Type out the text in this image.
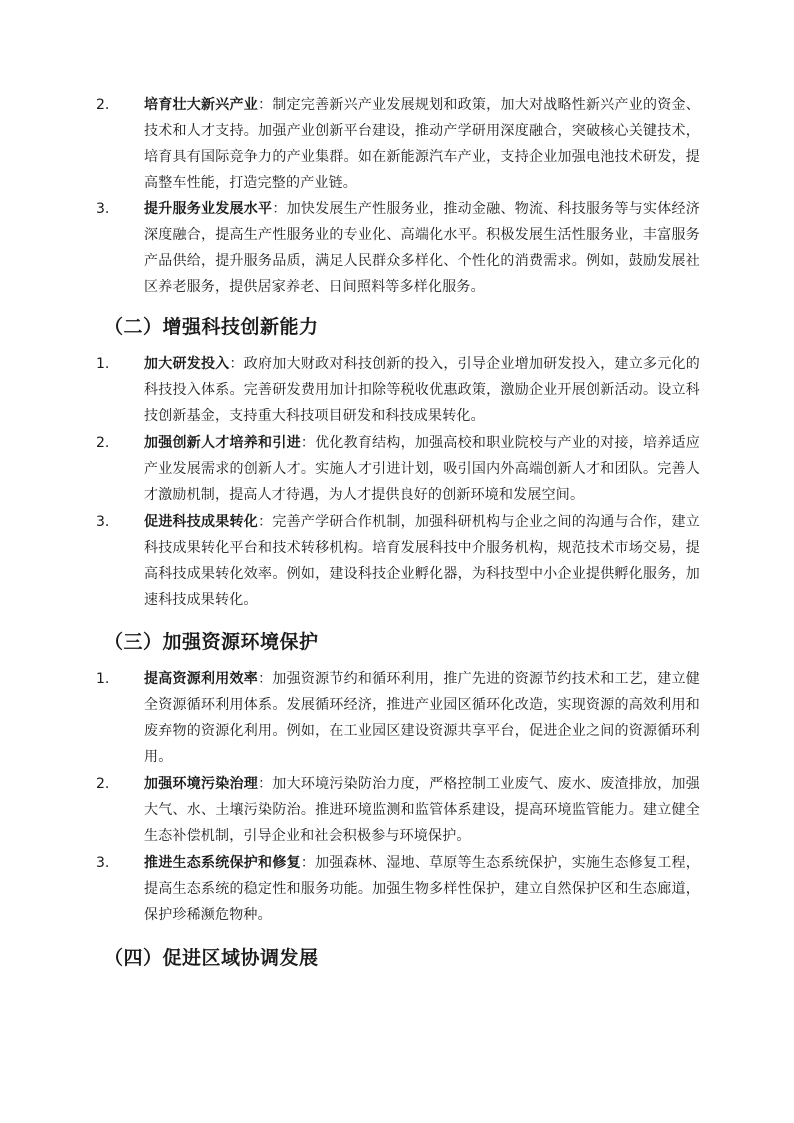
2. 培育壮大新兴产业：制定完善新兴产业发展规划和政策，加大对战略性新兴产业的资金、技术和人才支持。加强产业创新平台建设，推动产学研用深度融合，突破核心关键技术，培育具有国际竞争力的产业集群。如在新能源汽车产业，支持企业加强电池技术研发，提高整车性能，打造完整的产业链。
3. 提升服务业发展水平：加快发展生产性服务业，推动金融、物流、科技服务等与实体经济深度融合，提高生产性服务业的专业化、高端化水平。积极发展生活性服务业，丰富服务产品供给，提升服务品质，满足人民群众多样化、个性化的消费需求。例如，鼓励发展社区养老服务，提供居家养老、日间照料等多样化服务。
（二）增强科技创新能力
1. 加大研发投入：政府加大财政对科技创新的投入，引导企业增加研发投入，建立多元化的科技投入体系。完善研发费用加计扣除等税收优惠政策，激励企业开展创新活动。设立科技创新基金，支持重大科技项目研发和科技成果转化。
2. 加强创新人才培养和引进：优化教育结构，加强高校和职业院校与产业的对接，培养适应产业发展需求的创新人才。实施人才引进计划，吸引国内外高端创新人才和团队。完善人才激励机制，提高人才待遇，为人才提供良好的创新环境和发展空间。
3. 促进科技成果转化：完善产学研合作机制，加强科研机构与企业之间的沟通与合作，建立科技成果转化平台和技术转移机构。培育发展科技中介服务机构，规范技术市场交易，提高科技成果转化效率。例如，建设科技企业孵化器，为科技型中小企业提供孵化服务，加速科技成果转化。
（三）加强资源环境保护
1. 提高资源利用效率：加强资源节约和循环利用，推广先进的资源节约技术和工艺，建立健全资源循环利用体系。发展循环经济，推进产业园区循环化改造，实现资源的高效利用和废弃物的资源化利用。例如，在工业园区建设资源共享平台，促进企业之间的资源循环利用。
2. 加强环境污染治理：加大环境污染防治力度，严格控制工业废气、废水、废渣排放，加强大气、水、土壤污染防治。推进环境监测和监管体系建设，提高环境监管能力。建立健全生态补偿机制，引导企业和社会积极参与环境保护。
3. 推进生态系统保护和修复：加强森林、湿地、草原等生态系统保护，实施生态修复工程，提高生态系统的稳定性和服务功能。加强生物多样性保护，建立自然保护区和生态廊道，保护珍稀濒危物种。
（四）促进区域协调发展
